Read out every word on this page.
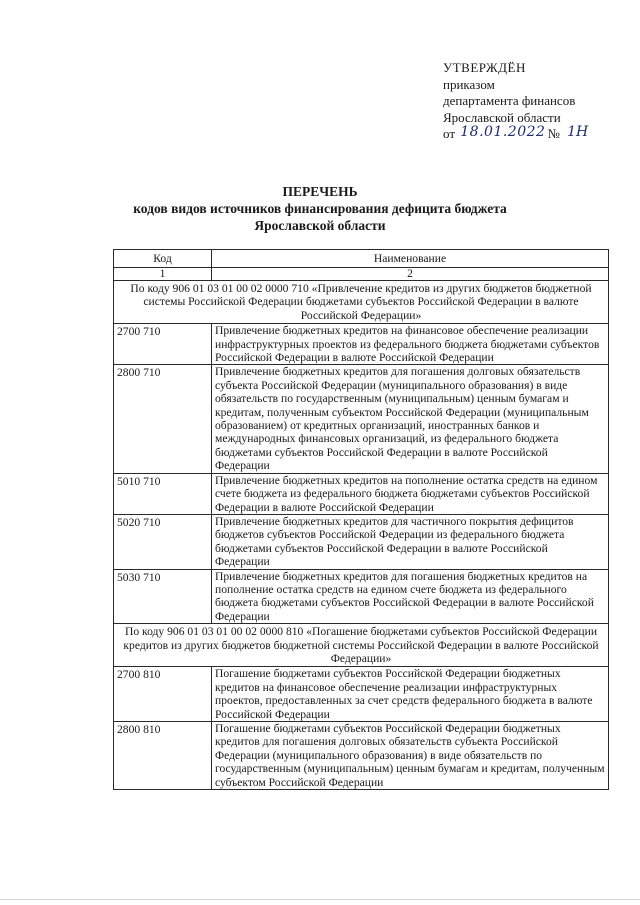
УТВЕРЖДЁН
приказом
департамента финансов
Ярославской области
от 18.01.2022 № 1Н
ПЕРЕЧЕНЬ
кодов видов источников финансирования дефицита бюджета
Ярославской области
Код	Наименование
1	2
По коду 906 01 03 01 00 02 0000 710 «Привлечение кредитов из других бюджетов бюджетной системы Российской Федерации бюджетами субъектов Российской Федерации в валюте Российской Федерации»	
2700 710	Привлечение бюджетных кредитов на финансовое обеспечение реализации инфраструктурных проектов из федерального бюджета бюджетами субъектов Российской Федерации в валюте Российской Федерации
2800 710	Привлечение бюджетных кредитов для погашения долговых обязательств субъекта Российской Федерации (муниципального образования) в виде обязательств по государственным (муниципальным) ценным бумагам и кредитам, полученным субъектом Российской Федерации (муниципальным образованием) от кредитных организаций, иностранных банков и международных финансовых организаций, из федерального бюджета бюджетами субъектов Российской Федерации в валюте Российской Федерации
5010 710	Привлечение бюджетных кредитов на пополнение остатка средств на едином счете бюджета из федерального бюджета бюджетами субъектов Российской Федерации в валюте Российской Федерации
5020 710	Привлечение бюджетных кредитов для частичного покрытия дефицитов бюджетов субъектов Российской Федерации из федерального бюджета бюджетами субъектов Российской Федерации в валюте Российской Федерации
5030 710	Привлечение бюджетных кредитов для погашения бюджетных кредитов на пополнение остатка средств на едином счете бюджета из федерального бюджета бюджетами субъектов Российской Федерации в валюте Российской Федерации
По коду 906 01 03 01 00 02 0000 810 «Погашение бюджетами субъектов Российской Федерации кредитов из других бюджетов бюджетной системы Российской Федерации в валюте Российской Федерации»	
2700 810	Погашение бюджетами субъектов Российской Федерации бюджетных кредитов на финансовое обеспечение реализации инфраструктурных проектов, предоставленных за счет средств федерального бюджета в валюте Российской Федерации
2800 810	Погашение бюджетами субъектов Российской Федерации бюджетных кредитов для погашения долговых обязательств субъекта Российской Федерации (муниципального образования) в виде обязательств по государственным (муниципальным) ценным бумагам и кредитам, полученным субъектом Российской Федерации
